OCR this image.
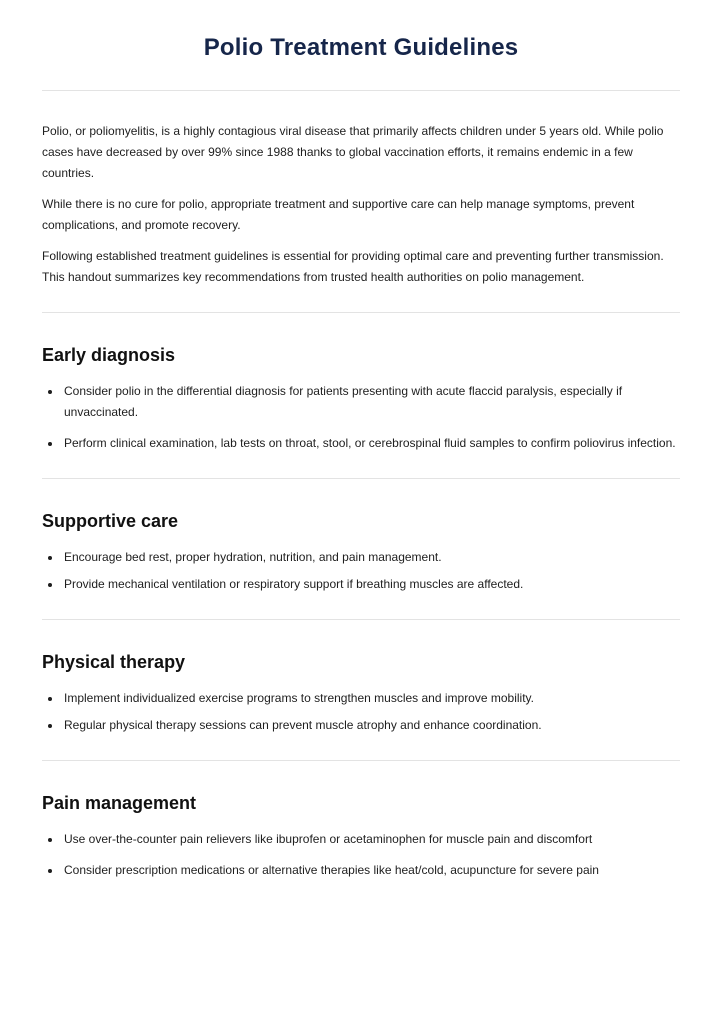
Polio Treatment Guidelines

Polio, or poliomyelitis, is a highly contagious viral disease that primarily affects children under 5 years old. While polio cases have decreased by over 99% since 1988 thanks to global vaccination efforts, it remains endemic in a few countries.

While there is no cure for polio, appropriate treatment and supportive care can help manage symptoms, prevent complications, and promote recovery.

Following established treatment guidelines is essential for providing optimal care and preventing further transmission. This handout summarizes key recommendations from trusted health authorities on polio management.

Early diagnosis
Consider polio in the differential diagnosis for patients presenting with acute flaccid paralysis, especially if unvaccinated.
Perform clinical examination, lab tests on throat, stool, or cerebrospinal fluid samples to confirm poliovirus infection.
Supportive care
Encourage bed rest, proper hydration, nutrition, and pain management.
Provide mechanical ventilation or respiratory support if breathing muscles are affected.
Physical therapy
Implement individualized exercise programs to strengthen muscles and improve mobility.
Regular physical therapy sessions can prevent muscle atrophy and enhance coordination.
Pain management
Use over-the-counter pain relievers like ibuprofen or acetaminophen for muscle pain and discomfort
Consider prescription medications or alternative therapies like heat/cold, acupuncture for severe pain
